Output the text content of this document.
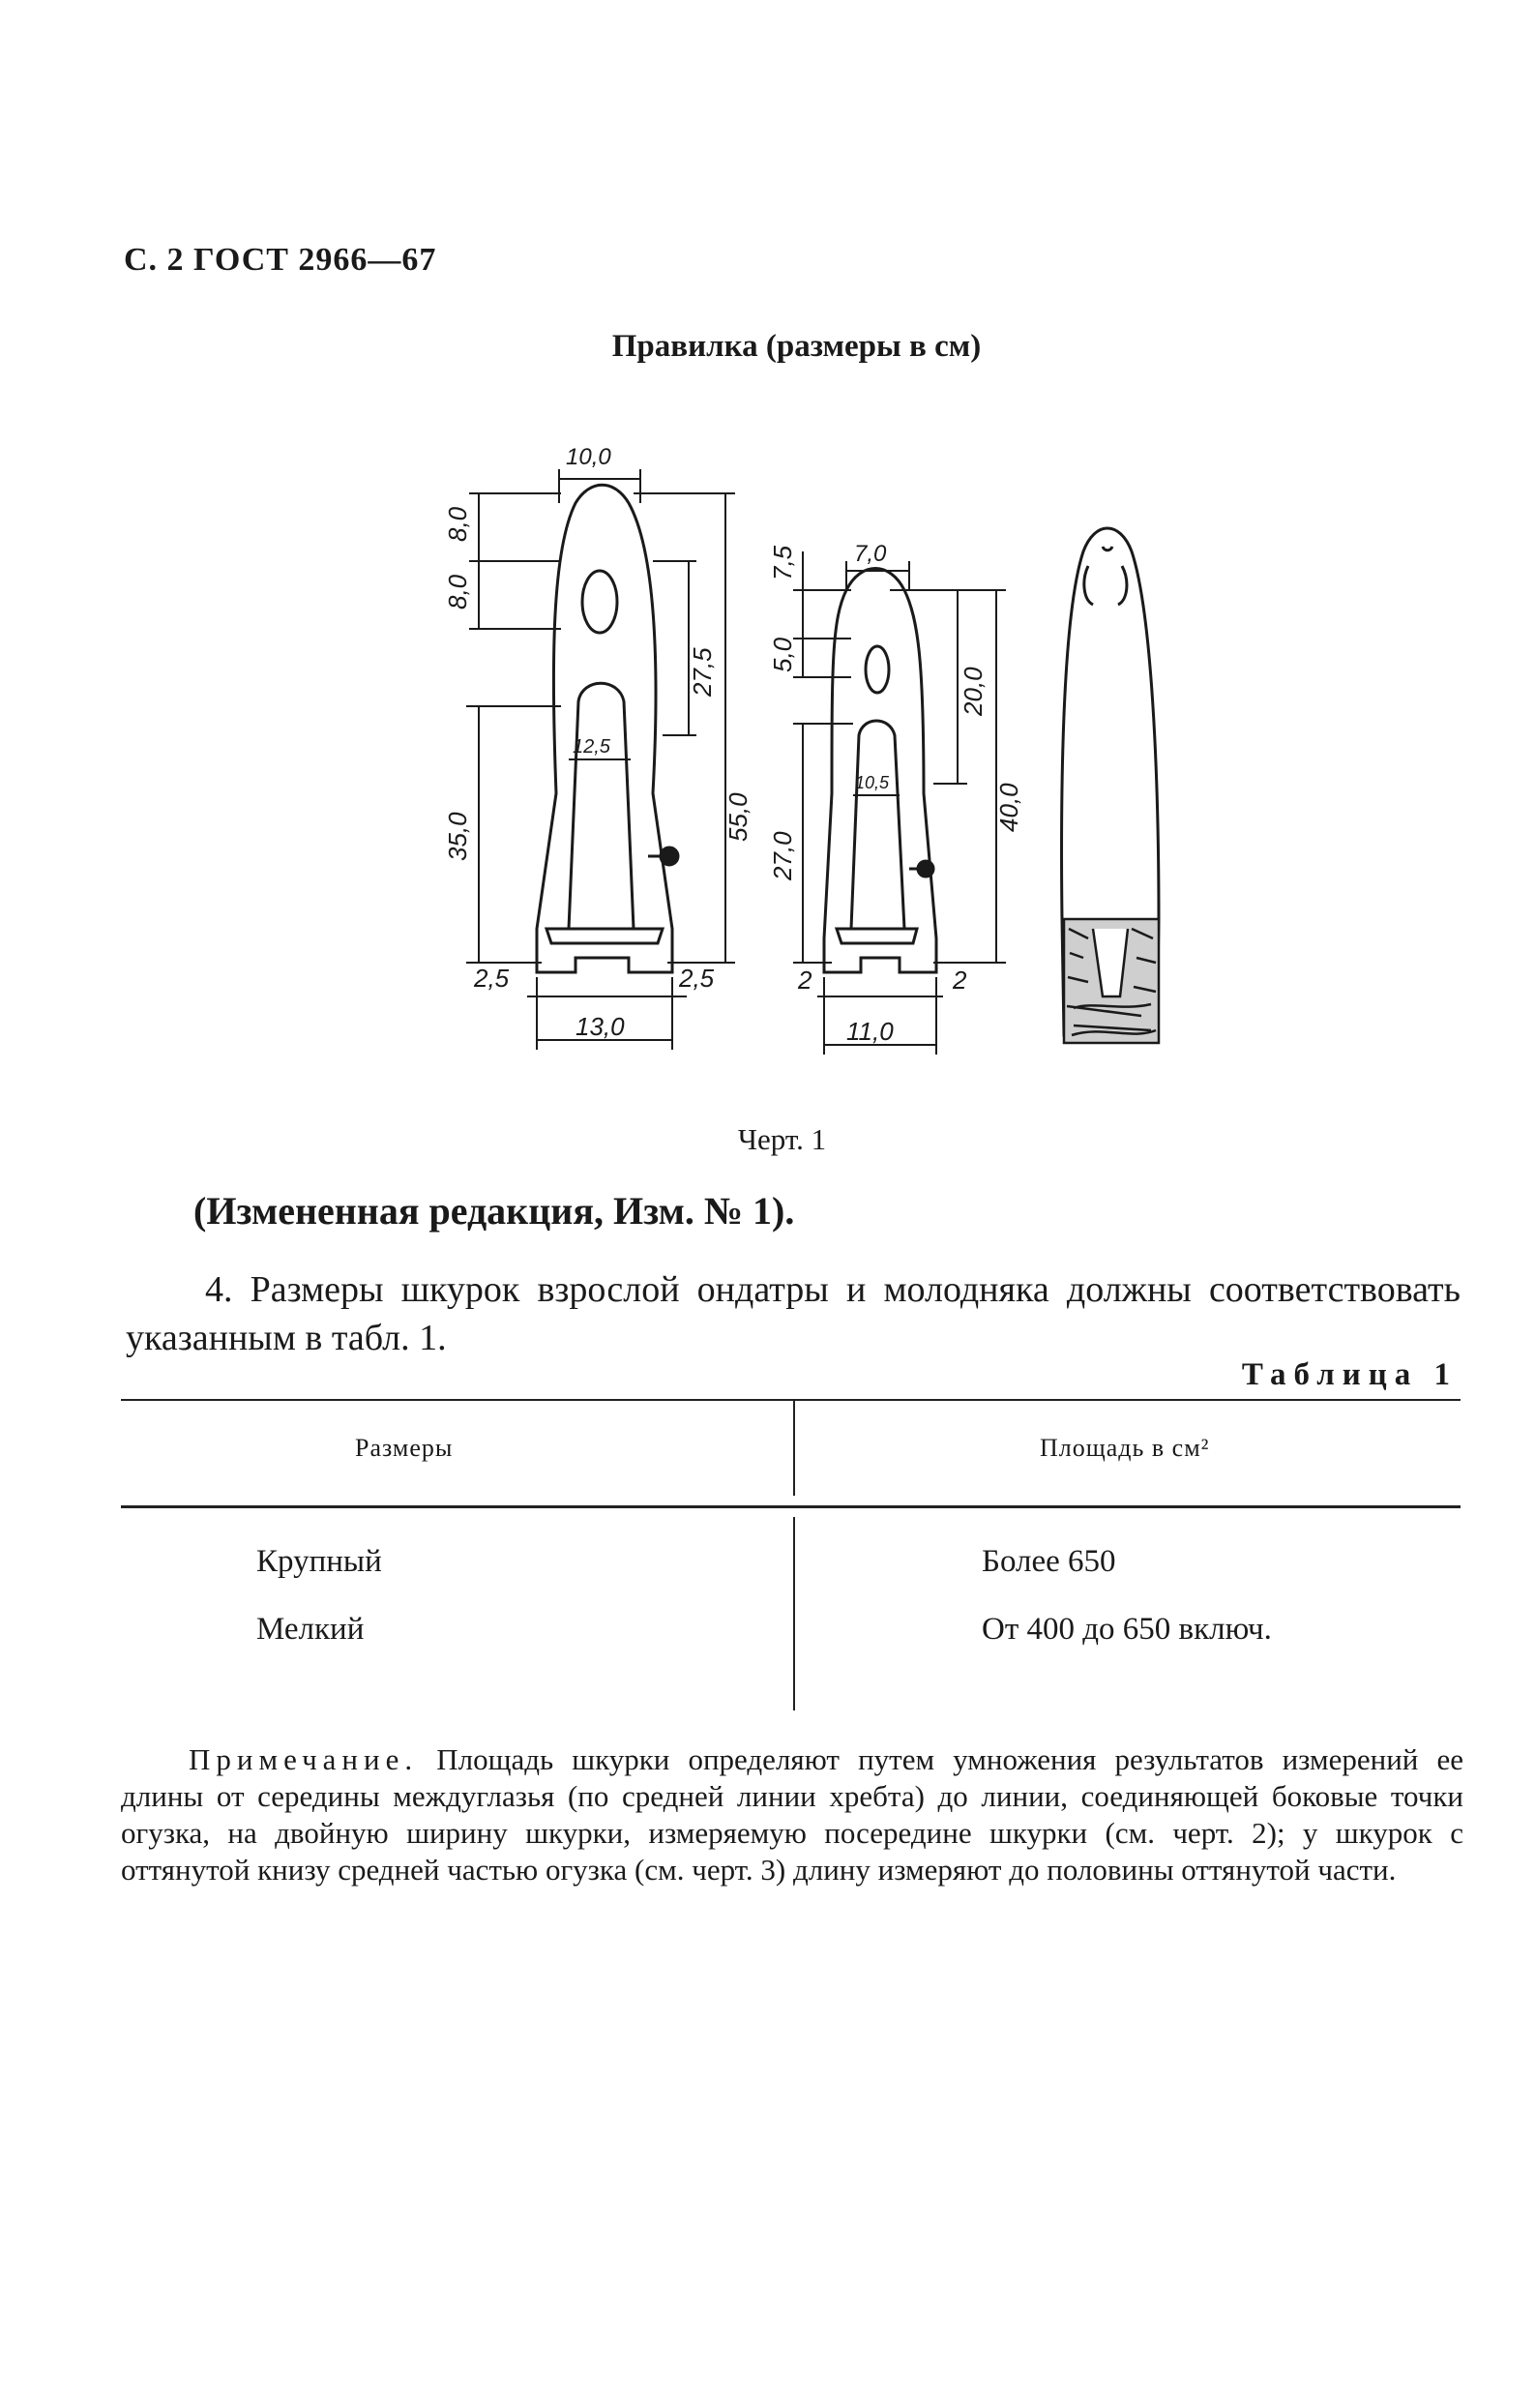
С. 2 ГОСТ 2966—67
Правилка (размеры в см)
10,0
8,0
8,0
35,0
27,5
55,0
12,5
2,5	2,5
13,0
7,5 7,0
5,0
27,0
20,0
40,0
10,5
2	2
11,0
Черт. 1
(Измененная редакция, Изм. № 1).
4. Размеры шкурок взрослой ондатры и молодняка должны соответствовать указанным в табл. 1.
Таблица 1
Размеры	Площадь в см²
Крупный	Более 650
Мелкий	От 400 до 650 включ.

Примечание. Площадь шкурки определяют путем умножения результатов измерений ее длины от середины междуглазья (по средней линии хребта) до линии, соединяющей боковые точки огузка, на двойную ширину шкурки, измеряемую посередине шкурки (см. черт. 2); у шкурок с оттянутой книзу средней частью огузка (см. черт. 3) длину измеряют до половины оттянутой части.
